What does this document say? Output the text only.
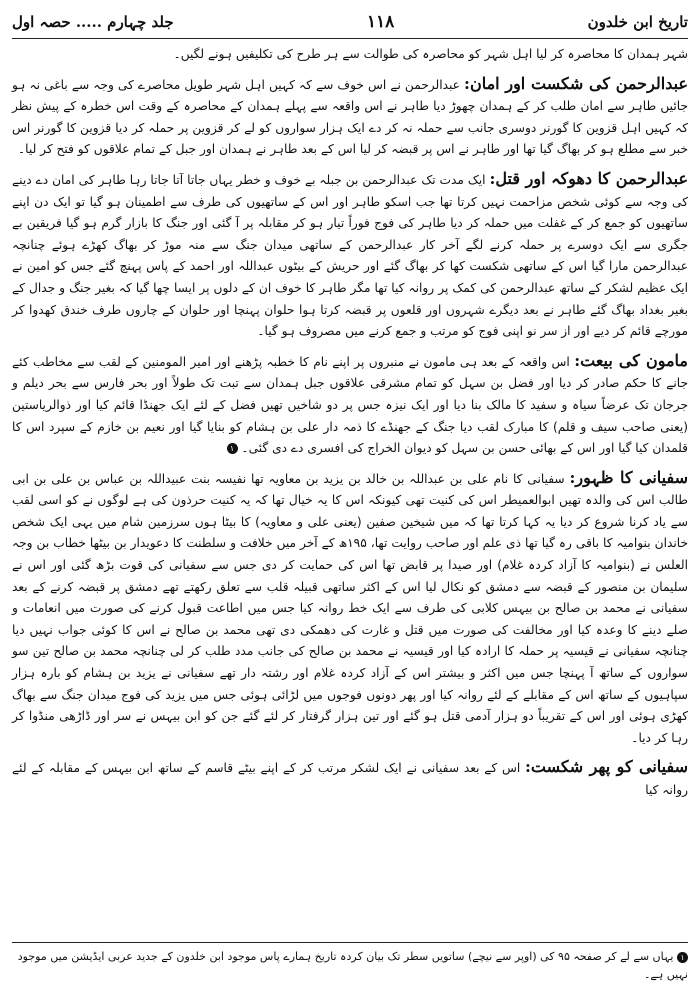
جلد چہارم ..... حصہ اول	۱۱۸	تاریخ ابن خلدون

شہر ہمدان کا محاصرہ کر لیا اہل شہر کو محاصرہ کی طوالت سے ہر طرح کی تکلیفیں ہونے لگیں۔

عبدالرحمن کی شکست اور امان: عبدالرحمن نے اس خوف سے کہ کہیں اہل شہر طویل محاصرے کی وجہ سے باغی نہ ہو جائیں طاہر سے امان طلب کر کے ہمدان چھوڑ دیا طاہر نے اس واقعہ سے پہلے ہمدان کے محاصرہ کے وقت اس خطرہ کے پیش نظر کہ کہیں اہل قزوین کا گورنر دوسری جانب سے حملہ نہ کر دے ایک ہزار سواروں کو لے کر قزوین پر حملہ کر دیا قزوین کا گورنر اس خبر سے مطلع ہو کر بھاگ گیا تھا اور طاہر نے اس پر قبضہ کر لیا اس کے بعد طاہر نے ہمدان اور جبل کے تمام علاقوں کو فتح کر لیا۔

عبدالرحمن کا دھوکہ اور قتل: ایک مدت تک عبدالرحمن بن جبلہ بے خوف و خطر یہاں جاتا آتا جاتا رہا طاہر کی امان دے دینے کی وجہ سے کوئی شخص مزاحمت نہیں کرتا تھا جب اسکو طاہر اور اس کے ساتھیوں کی طرف سے اطمینان ہو گیا تو ایک دن اپنے ساتھیوں کو جمع کر کے غفلت میں حملہ کر دیا طاہر کی فوج فوراً تیار ہو کر مقابلہ پر آ گئی اور جنگ کا بازار گرم ہو گیا فریقین بے جگری سے ایک دوسرے پر حملہ کرنے لگے آخر کار عبدالرحمن کے ساتھی میدان جنگ سے منہ موڑ کر بھاگ کھڑے ہوئے چنانچہ عبدالرحمن مارا گیا اس کے ساتھی شکست کھا کر بھاگ گئے اور حریش کے بیٹوں عبداللہ اور احمد کے پاس پہنچ گئے جس کو امین نے ایک عظیم لشکر کے ساتھ عبدالرحمن کی کمک پر روانہ کیا تھا مگر طاہر کا خوف ان کے دلوں پر ایسا چھا گیا کہ بغیر جنگ و جدال کے بغیر بغداد بھاگ گئے طاہر نے بعد دیگرے شہروں اور قلعوں پر قبضہ کرتا ہوا حلوان پہنچا اور حلوان کے چاروں طرف خندق کھدوا کر مورچے قائم کر دیے اور از سر نو اپنی فوج کو مرتب و جمع کرنے میں مصروف ہو گیا۔

مامون کی بیعت: اس واقعہ کے بعد ہی مامون نے منبروں پر اپنے نام کا خطبہ پڑھنے اور امیر المومنین کے لقب سے مخاطب کئے جانے کا حکم صادر کر دیا اور فضل بن سہل کو تمام مشرقی علاقوں جبل ہمدان سے تبت تک طولاً اور بحر فارس سے بحر دیلم و جرجان تک عرضاً سیاہ و سفید کا مالک بنا دیا اور ایک نیزہ جس پر دو شاخیں تھیں فضل کے لئے ایک جھنڈا قائم کیا اور ذوالریاستین (یعنی صاحب سیف و قلم) کا مبارک لقب دیا جنگ کے جھنڈے کا ذمہ دار علی بن ہشام کو بنایا گیا اور نعیم بن خازم کے سپرد اس کا قلمدان کیا گیا اور اس کے بھائی حسن بن سہل کو دیوان الخراج کی افسری دے دی گئی۔ ۱

سفیانی کا ظہور: سفیانی کا نام علی بن عبداللہ بن خالد بن یزید بن معاویہ تھا نفیسہ بنت عبیداللہ بن عباس بن علی بن ابی طالب اس کی والدہ تھیں ابوالعمیطر اس کی کنیت تھی کیونکہ اس کا یہ خیال تھا کہ یہ کنیت حرذون کی ہے لوگوں نے کو اسی لقب سے یاد کرنا شروع کر دیا یہ کہا کرتا تھا کہ میں شیخین صفین (یعنی علی و معاویہ) کا بیٹا ہوں سرزمین شام میں یہی ایک شخص خاندان بنوامیہ کا باقی رہ گیا تھا ذی علم اور صاحب روایت تھا، ۱۹۵ھ کے آخر میں خلافت و سلطنت کا دعویدار بن بیٹھا خطاب بن وجہ العلس نے (بنوامیہ کا آزاد کردہ غلام) اور صیدا پر قابض تھا اس کی حمایت کر دی جس سے سفیانی کی قوت بڑھ گئی اور اس نے سلیمان بن منصور کے قبضہ سے دمشق کو نکال لیا اس کے اکثر ساتھی قبیلہ قلب سے تعلق رکھتے تھے دمشق پر قبضہ کرنے کے بعد سفیانی نے محمد بن صالح بن بیہس کلابی کی طرف سے ایک خط روانہ کیا جس میں اطاعت قبول کرنے کی صورت میں انعامات و صلے دینے کا وعدہ کیا اور مخالفت کی صورت میں قتل و غارت کی دھمکی دی تھی محمد بن صالح نے اس کا کوئی جواب نہیں دیا چنانچہ سفیانی نے قیسیہ پر حملہ کا ارادہ کیا اور قیسیہ نے محمد بن صالح کی جانب مدد طلب کر لی چنانچہ محمد بن صالح تین سو سواروں کے ساتھ آ پہنچا جس میں اکثر و بیشتر اس کے آزاد کردہ غلام اور رشتہ دار تھے سفیانی نے یزید بن ہشام کو بارہ ہزار سپاہیوں کے ساتھ اس کے مقابلے کے لئے روانہ کیا اور پھر دونوں فوجوں میں لڑائی ہوئی جس میں یزید کی فوج میدان جنگ سے بھاگ کھڑی ہوئی اور اس کے تقریباً دو ہزار آدمی قتل ہو گئے اور تین ہزار گرفتار کر لئے گئے جن کو ابن بیہس نے سر اور ڈاڑھی منڈوا کر رہا کر دیا۔

سفیانی کو پھر شکست: اس کے بعد سفیانی نے ایک لشکر مرتب کر کے اپنے بیٹے قاسم کے ساتھ ابن بیہس کے مقابلہ کے لئے روانہ کیا

۱ یہاں سے لے کر صفحہ ۹۵ کی (اوپر سے نیچے) ساتویں سطر تک بیان کردہ تاریخ ہمارے پاس موجود ابن خلدون کے جدید عربی ایڈیشن میں موجود نہیں ہے۔
